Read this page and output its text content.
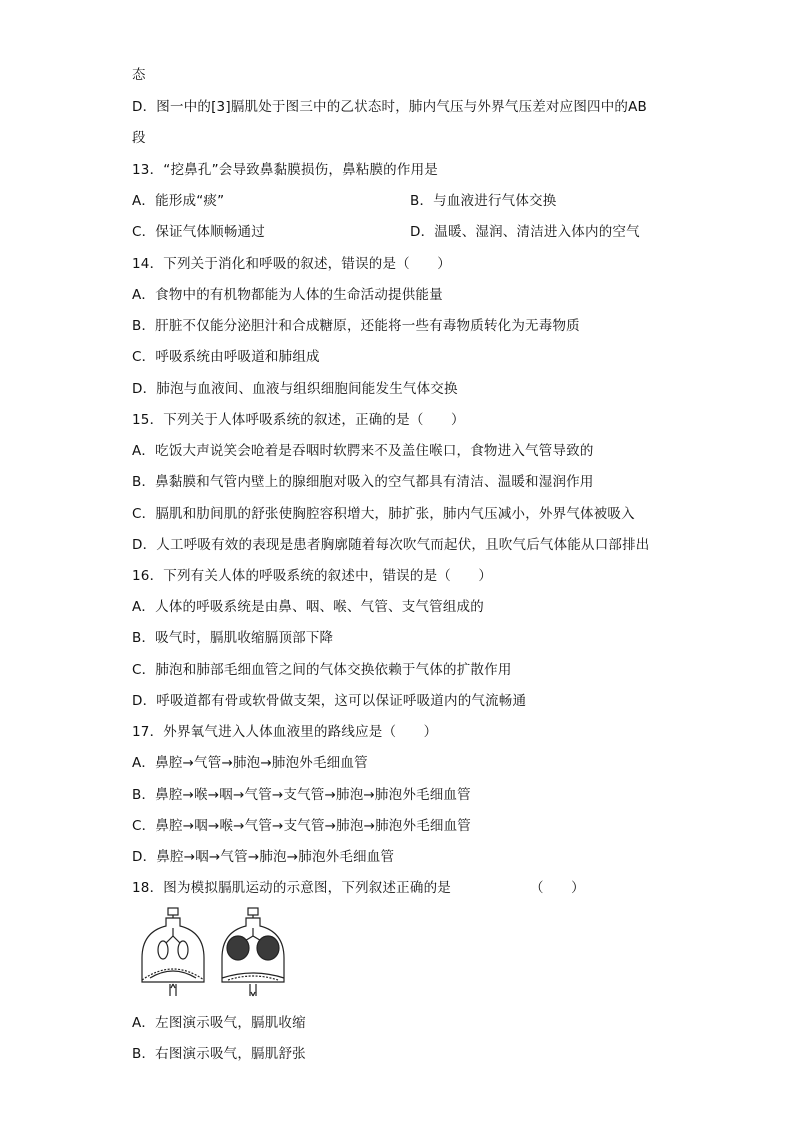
态
D．图一中的[3]膈肌处于图三中的乙状态时，肺内气压与外界气压差对应图四中的AB
段
13．“挖鼻孔”会导致鼻黏膜损伤，鼻粘膜的作用是
A．能形成“痰”	B．与血液进行气体交换
C．保证气体顺畅通过	D．温暖、湿润、清洁进入体内的空气
14．下列关于消化和呼吸的叙述，错误的是（　　）
A．食物中的有机物都能为人体的生命活动提供能量
B．肝脏不仅能分泌胆汁和合成糖原，还能将一些有毒物质转化为无毒物质
C．呼吸系统由呼吸道和肺组成
D．肺泡与血液间、血液与组织细胞间能发生气体交换
15．下列关于人体呼吸系统的叙述，正确的是（　　）
A．吃饭大声说笑会呛着是吞咽时软腭来不及盖住喉口，食物进入气管导致的
B．鼻黏膜和气管内壁上的腺细胞对吸入的空气都具有清洁、温暖和湿润作用
C．膈肌和肋间肌的舒张使胸腔容积增大，肺扩张，肺内气压减小，外界气体被吸入
D．人工呼吸有效的表现是患者胸廓随着每次吹气而起伏，且吹气后气体能从口部排出
16．下列有关人体的呼吸系统的叙述中，错误的是（　　）
A．人体的呼吸系统是由鼻、咽、喉、气管、支气管组成的
B．吸气时，膈肌收缩膈顶部下降
C．肺泡和肺部毛细血管之间的气体交换依赖于气体的扩散作用
D．呼吸道都有骨或软骨做支架，这可以保证呼吸道内的气流畅通
17．外界氧气进入人体血液里的路线应是（　　）
A．鼻腔→气管→肺泡→肺泡外毛细血管
B．鼻腔→喉→咽→气管→支气管→肺泡→肺泡外毛细血管
C．鼻腔→咽→喉→气管→支气管→肺泡→肺泡外毛细血管
D．鼻腔→咽→气管→肺泡→肺泡外毛细血管
18．图为模拟膈肌运动的示意图，下列叙述正确的是	（　　）
A．左图演示吸气，膈肌收缩
B．右图演示吸气，膈肌舒张
